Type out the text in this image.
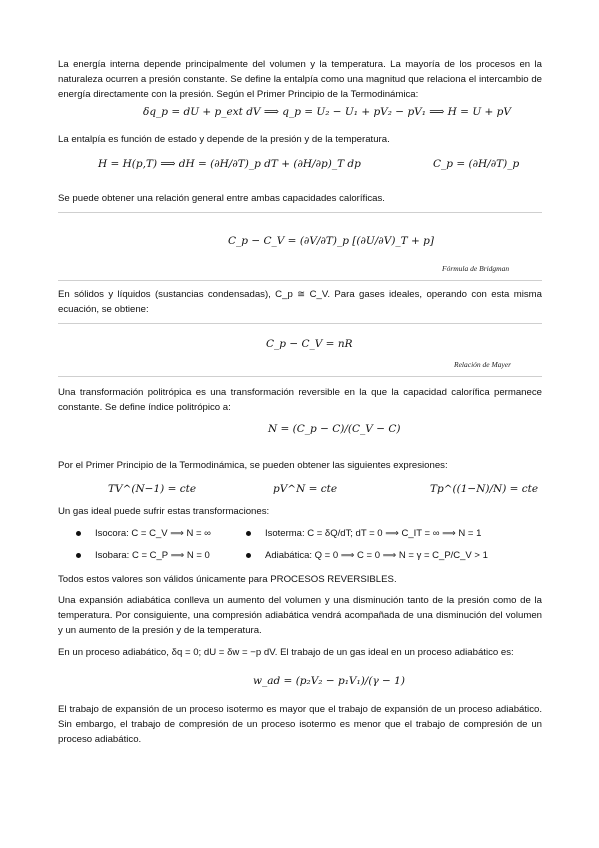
La energía interna depende principalmente del volumen y la temperatura. La mayoría de los procesos en la naturaleza ocurren a presión constante. Se define la entalpía como una magnitud que relaciona el intercambio de energía directamente con la presión. Según el Primer Principio de la Termodinámica:

δq_p = dU + p_ext dV ⟹ q_p = U₂ − U₁ + pV₂ − pV₁ ⟹ H = U + pV

La entalpía es función de estado y depende de la presión y de la temperatura.

H = H(p,T) ⟹ dH = (∂H/∂T)_p dT + (∂H/∂p)_T dp	C_p = (∂H/∂T)_p

Se puede obtener una relación general entre ambas capacidades caloríficas.

C_p − C_V = (∂V/∂T)_p [(∂U/∂V)_T + p]
Fórmula de Bridgman

En sólidos y líquidos (sustancias condensadas), C_p ≅ C_V. Para gases ideales, operando con esta misma ecuación, se obtiene:

C_p − C_V = nR
Relación de Mayer

Una transformación politrópica es una transformación reversible en la que la capacidad calorífica permanece constante. Se define índice politrópico a:

N = (C_p − C)/(C_V − C)

Por el Primer Principio de la Termodinámica, se pueden obtener las siguientes expresiones:

TV^(N−1) = cte	pV^N = cte	Tp^((1−N)/N) = cte

Un gas ideal puede sufrir estas transformaciones:

Isocora: C = C_V ⟹ N = ∞	Isoterma: C = δQ/dT; dT = 0 ⟹ C_IT = ∞ ⟹ N = 1
Isobara: C = C_P ⟹ N = 0	Adiabática: Q = 0 ⟹ C = 0 ⟹ N = γ = C_P/C_V > 1

Todos estos valores son válidos únicamente para PROCESOS REVERSIBLES.

Una expansión adiabática conlleva un aumento del volumen y una disminución tanto de la presión como de la temperatura. Por consiguiente, una compresión adiabática vendrá acompañada de una disminución del volumen y un aumento de la presión y de la temperatura.

En un proceso adiabático, δq = 0; dU = δw = −p dV. El trabajo de un gas ideal en un proceso adiabático es:

w_ad = (p₂V₂ − p₁V₁)/(γ − 1)

El trabajo de expansión de un proceso isotermo es mayor que el trabajo de expansión de un proceso adiabático. Sin embargo, el trabajo de compresión de un proceso isotermo es menor que el trabajo de compresión de un proceso adiabático.
